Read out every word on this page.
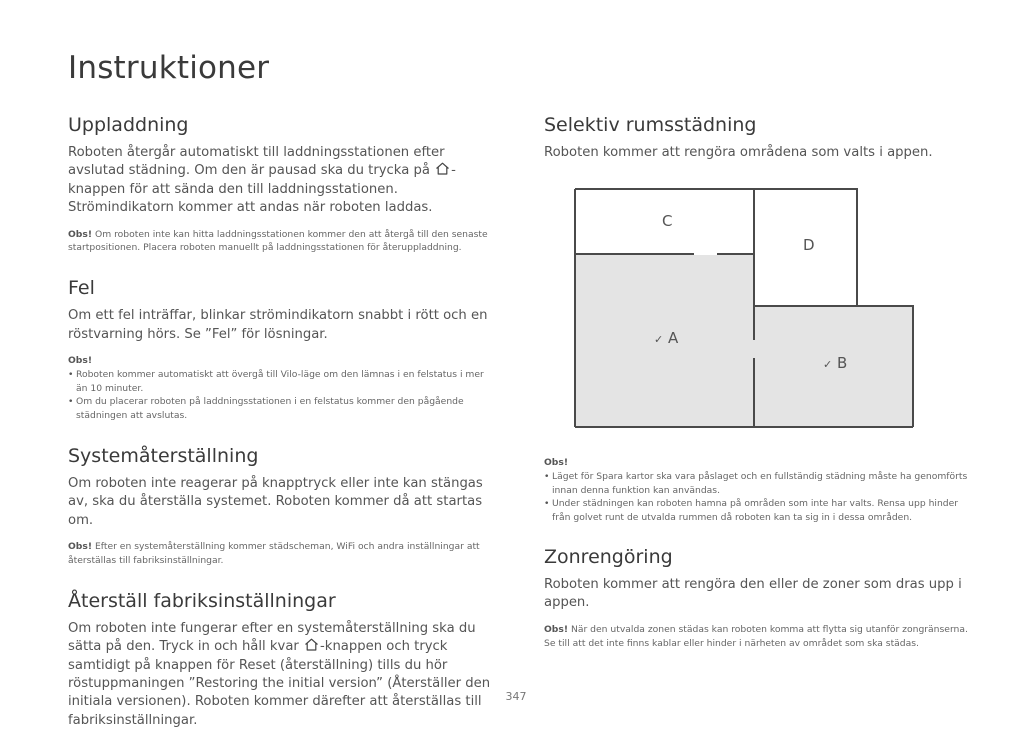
Instruktioner
Uppladdning

Roboten återgår automatiskt till laddningsstationen efter avslutad städning. Om den är pausad ska du trycka på
-knappen för att sända den till laddningsstationen. Strömindikatorn kommer att andas när roboten laddas.

Obs! Om roboten inte kan hitta laddningsstationen kommer den att återgå till den senaste startpositionen. Placera roboten manuellt på laddningsstationen för återuppladdning.

Fel

Om ett fel inträffar, blinkar strömindikatorn snabbt i rött och en röstvarning hörs. Se ”Fel” för lösningar.

Obs!
• Roboten kommer automatiskt att övergå till Vilo-läge om den lämnas i en felstatus i mer än 10 minuter.
• Om du placerar roboten på laddningsstationen i en felstatus kommer den pågående städningen att avslutas.
Systemåterställning

Om roboten inte reagerar på knapptryck eller inte kan stängas av, ska du återställa systemet. Roboten kommer då att startas om.

Obs! Efter en systemåterställning kommer städscheman, WiFi och andra inställningar att återställas till fabriksinställningar.

Återställ fabriksinställningar

Om roboten inte fungerar efter en systemåterställning ska du sätta på den. Tryck in och håll kvar
-knappen och tryck samtidigt på knappen för Reset (återställning) tills du hör röstuppmaningen ”Restoring the initial version” (Återställer den initiala versionen). Roboten kommer därefter att återställas till fabriksinställningar.

Selektiv rumsstädning

Roboten kommer att rengöra områdena som valts i appen.

C
D
✓ A
✓ B
Obs!
• Läget för Spara kartor ska vara påslaget och en fullständig städning måste ha genomförts innan denna funktion kan användas.
• Under städningen kan roboten hamna på områden som inte har valts. Rensa upp hinder från golvet runt de utvalda rummen då roboten kan ta sig in i dessa områden.
Zonrengöring

Roboten kommer att rengöra den eller de zoner som dras upp i appen.

Obs! När den utvalda zonen städas kan roboten komma att flytta sig utanför zongränserna. Se till att det inte finns kablar eller hinder i närheten av området som ska städas.

347
